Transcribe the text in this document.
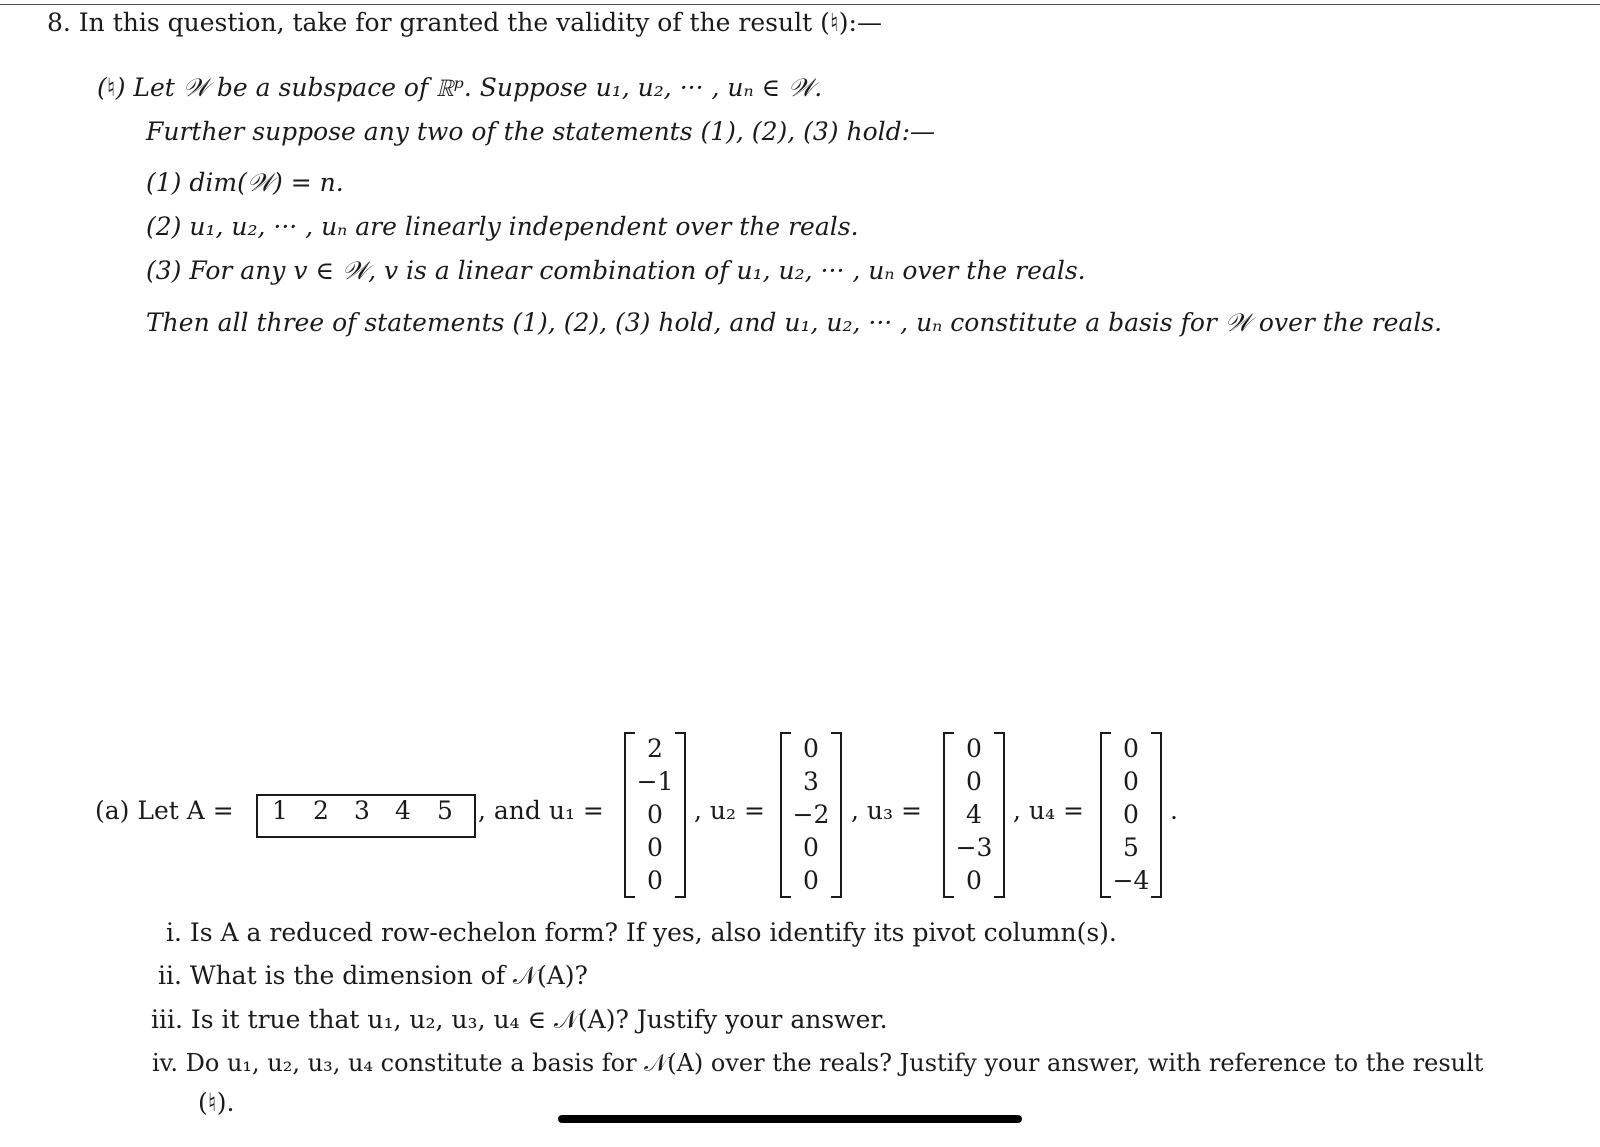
8. In this question, take for granted the validity of the result (♮):—
(♮) Let 𝒲 be a subspace of ℝᵖ. Suppose u₁, u₂, ··· , uₙ ∈ 𝒲.
Further suppose any two of the statements (1), (2), (3) hold:—
(1) dim(𝒲) = n.
(2) u₁, u₂, ··· , uₙ are linearly independent over the reals.
(3) For any v ∈ 𝒲, v is a linear combination of u₁, u₂, ··· , uₙ over the reals.
Then all three of statements (1), (2), (3) hold, and u₁, u₂, ··· , uₙ constitute a basis for 𝒲 over the reals.
(a) Let A = 1 2 3 4 5 , and u₁ =
2
−1
0
0
0
, u₂ =
0
3
−2
0
0
, u₃ =
0
0
4
−3
0
, u₄ =
0
0
0
5
−4
.
i. Is A a reduced row-echelon form? If yes, also identify its pivot column(s).
ii. What is the dimension of 𝒩(A)?
iii. Is it true that u₁, u₂, u₃, u₄ ∈ 𝒩(A)? Justify your answer.
iv. Do u₁, u₂, u₃, u₄ constitute a basis for 𝒩(A) over the reals? Justify your answer, with reference to the result
(♮).
